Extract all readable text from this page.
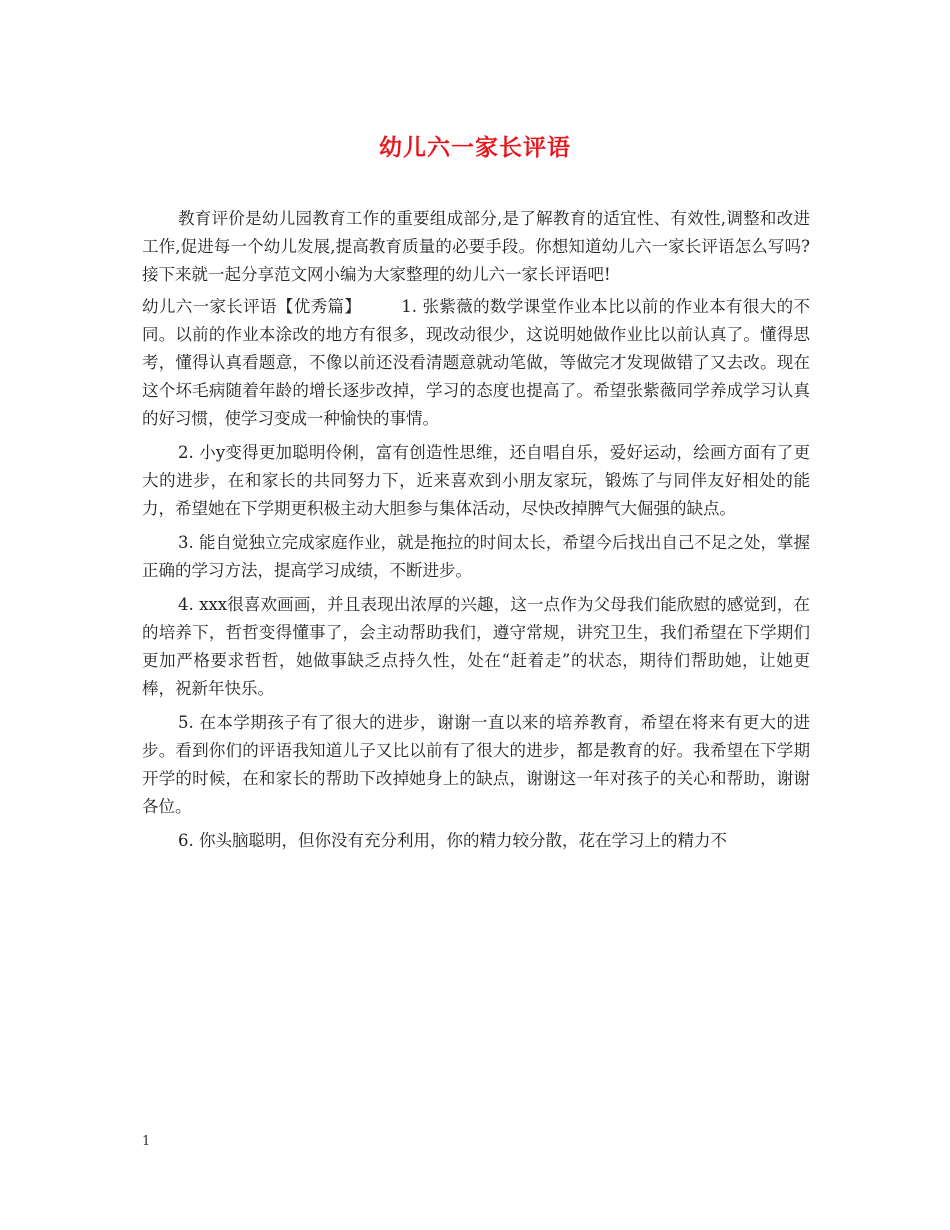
幼儿六一家长评语

教育评价是幼儿园教育工作的重要组成部分,是了解教育的适宜性、有效性,调整和改进工作,促进每一个幼儿发展,提高教育质量的必要手段。你想知道幼儿六一家长评语怎么写吗?接下来就一起分享范文网小编为大家整理的幼儿六一家长评语吧!

幼儿六一家长评语【优秀篇】 1. 张紫薇的数学课堂作业本比以前的作业本有很大的不同。以前的作业本涂改的地方有很多，现改动很少，这说明她做作业比以前认真了。懂得思考，懂得认真看题意，不像以前还没看清题意就动笔做，等做完才发现做错了又去改。现在这个坏毛病随着年龄的增长逐步改掉，学习的态度也提高了。希望张紫薇同学养成学习认真的好习惯，使学习变成一种愉快的事情。

2. 小y变得更加聪明伶俐，富有创造性思维，还自唱自乐，爱好运动，绘画方面有了更大的进步，在和家长的共同努力下，近来喜欢到小朋友家玩，锻炼了与同伴友好相处的能力，希望她在下学期更积极主动大胆参与集体活动，尽快改掉脾气大倔强的缺点。

3. 能自觉独立完成家庭作业，就是拖拉的时间太长，希望今后找出自己不足之处，掌握正确的学习方法，提高学习成绩，不断进步。

4. xxx很喜欢画画，并且表现出浓厚的兴趣，这一点作为父母我们能欣慰的感觉到，在的培养下，哲哲变得懂事了，会主动帮助我们，遵守常规，讲究卫生，我们希望在下学期们更加严格要求哲哲，她做事缺乏点持久性，处在“赶着走”的状态，期待们帮助她，让她更棒，祝新年快乐。

5. 在本学期孩子有了很大的进步，谢谢一直以来的培养教育，希望在将来有更大的进步。看到你们的评语我知道儿子又比以前有了很大的进步，都是教育的好。我希望在下学期开学的时候，在和家长的帮助下改掉她身上的缺点，谢谢这一年对孩子的关心和帮助，谢谢各位。

6. 你头脑聪明，但你没有充分利用，你的精力较分散，花在学习上的精力不

1
